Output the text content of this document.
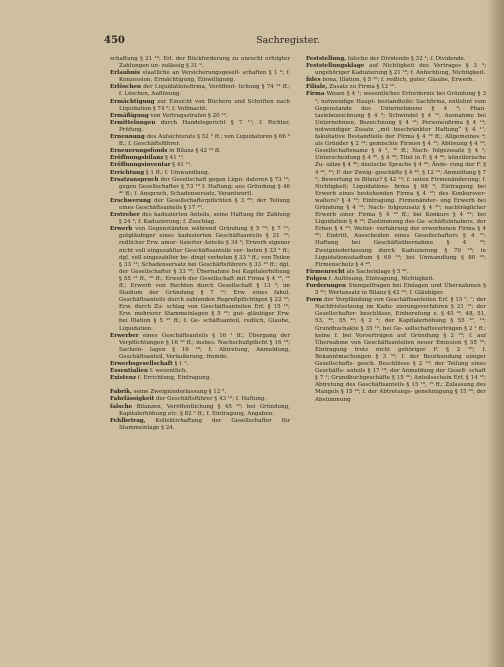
450	Sachregister.

schaftung § 21 ¹⁶; Erl. der Rückforderung zu unrecht erfolgter Zahlungen un- zulässig § 31 ⁹.

Erlaubnis staatliche an Versicherungsgesell- schaften § 1 ⁹; f. Konzession, Ermächtigung, Einwilligung.

Erlöschen der Liquidationsfirma, Veröffent- lichung § 74 ¹⁴ ff.; f. Löschen, Auflösung.

Ermächtigung zur Einsicht von Büchern und Schriften nach Liquidation § 74 ⁸; f. Vollmacht.

Ermäßigung von Vertragsstrafen § 20 ¹⁰.

Ermittelungen durch Handelsgericht § 7 ¹⁷; f. Richter, Prüfung.

Ernennung des Aufsichtsrats § 52 ⁵ ff.; von Liquidatoren § 66 ⁶ ff.; f. Geschäftsführer.

Erneuerungsfonds in Bilanz § 42 ¹⁹ ff.

Eröffnungsbilanz § 41 ¹².

Eröffnungsinventar § 41 ¹².

Errichtung § 1 ff.; f. Umwandlung.

Ersatzanspruch der Gesellschaft gegen Liqui- datoren § 73 ¹⁵; gegen Gesellschafter § 73 ¹⁸ f. Haftung; aus Gründung § 46 ³⁰ ff.; f. Anspruch, Schadensersatz, Verantwortl.

Erschwerung der Gesellschafterpflichten § 3 ⁸⁵; der Teilung eines Geschäftsanteils § 17 ¹⁰.

Erstreber des kaduzierten Anteils, seine Haftung für Zahlung § 24 ²; f. Kaduzierung; f. Zuschlag.

Erwerb von Gegenständen während Gründung § 5 ⁵⁰; § 7 ¹²; gutgläubiger eines kaduzierten Geschäftsanteils § 21 ²²; redlicher Erw. amor- tisierter Anteile § 34 ⁵; Erwerb eigener nicht voll eingezahlter Geschäftsanteile ver- boten § 33 ² ff.; dgl. voll eingezahlter be- dingt verboten § 33 ⁵ ff.; von Teilen § 33 ¹¹; Schadensersatz bei Geschäftsführers § 33 ¹⁶ ff.; dgl. der Gesellschafter § 33 ¹⁸; Übernahme bei Kapitalerhöhung § 55 ¹³ ff., ⁵⁶ ff.; Erwerb der Gesellschaft mit Firma § 4 ¹⁸, ²² ff.; Erwerb von Rechten durch Gesellschaft § 13 ⁶; im Stadium der Gründung § 7 ¹²; Erw. eines fakul. Geschäftsanteils durch zahlenden Regreßpflichtigen § 22 ²²; Erw. durch Zu- schlag von Geschäftsanteilen Erf. § 15 ¹⁶; Erw. mehrerer Stammeinlagen § 5 ²²; gut- gläubiger Erw. bei Illation § 5 ²⁵ ff.; f. Ge- schäftsanteil, redlich, Glaube, Liquidation.

Erwerber eines Geschäftsanteils § 16 ¹ ff.; Übergang der Verpflichtungen § 16 ¹⁸ ff.; insbes. Nachschußpflicht § 16 ¹⁸; Sachein- lagen § 16 ¹⁸; f. Abtretung, Anmeldung, Geschäftsanteil, Veräußerung, fremde.

Erwerbsgesellschaft § 1 ².

Essentialien f. wesentlich.

Existenz f. Errichtung, Eintragung.

Fabrik, seine Zweigniederlassung § 12 ⁵.

Fahrlässigkeit der Geschäftsführer § 43 ¹⁰; f. Haftung.

falsche Bilanzen, Veröffentlichung § 45 ¹⁹; bei Gründung, Kapitalerhöhung etc. § 82 ⁵ ff.; f. Eintragung, Angaben.

Fehlbetrag, Kollektivhaftung der Gesellschafter für Stammeinlage § 24.

Feststellung, falsche der Dividende § 32 ¹; f. Dividende.

Feststellungsklage auf Nichtigkeit des Vertrages § 3 ³; ungehöriger Kaduzierung § 21 ¹⁸; f. Anfechtung, Nichtigkeit.

fides bona, Illation, § 5 ²⁵; f. redlich, guter, Glaube, Erwerb.

Filiale, Zusatz zu Firma § 12 ¹⁰.

Firma Wesen § 4 ¹; wesentliches Erfordernis bei Gründung § 3 ²; notwendige Haupt- bestandteile: Sachfirma, entlehnt vom Gegenstande des Unternehmens § 4 ⁴; Phan- tasiebezeichnung § 4 ⁸; Schwindel § 4 ¹⁰, Ausnahme bei Unternehmen, Bezeichnung § 4 ¹³; Personenfirma § 4 ¹⁴; notwendiger Zusatz „mit beschränkter Haftung“ § 4 ¹⁷; fakultative Bestandteile der Firma § 4 ¹⁹ ff.; Allgemeines ⁴; als Gründer § 2 ¹⁴; gemischte Firmen § 4 ¹⁹; Ablösung § 4 ²⁴; Gesellschaftsname § 4 ³, ²⁶ ff.; Nach- folgezusatz § 4 ³; Unterscheidung § 4 ³⁶, § 4 ³⁸; Titel in F. § 4 ⁴⁰; künstlerische Zu- sätze § 4 ⁴⁰; deutsche Sprache § 4 ⁴²; Ände- rung der F. § 4 ⁴², ⁴³; F. der Zweig- geschäfte § 4 ⁴⁴, § 12 ¹⁰; Anmeldung § 7 ²; Bewertung in Bilanz? § 42 ¹⁴; f. unten Firmenänderung; f. Nichtigkeit; Liquidations- firma § 68 ⁸; Eintragung bei Erwerb eines bestehenden Firma § 4 ¹⁸; des Konkursver- walters? § 4 ¹⁸; Eintragung. Firmenänder- ung Erwerb bei Gründung § 4 ¹⁸; Nach- folgezusatz § 4 ²⁰; nachträglicher Erwerb einer Firma § 4 ²⁰ ff.; bei Konkurs § 4 ²⁴; bei Liquidation § 4 ²⁴; Zustimmung des Ge- schäftsinhabers, der Erben § 4 ²⁸; Weiter- verfahrung der erworbenen Firma § 4 ³⁹; Eintritt, Ausscheiden eines Gesellschafters § 4 ³¹; Haftung bei Geschäftsübernahme § 4 ³⁴; Zweigniederlassung durch Kaduzierung § 70 ¹⁸; in Liquidationsstadium § 69 ¹⁰; bei Umwandlung § 80 ²⁰; Firmenschutz § 4 ⁴⁸.

Firmenrecht als Sacheinlage § 5 ⁴⁰.

Folgen f. Auflösung, Eintragung, Nichtigkeit.

Forderungen Stempelfragen bei Einlagen und Übernahmen § 5 ⁵⁰; Wertansatz in Bilanz § 42 ³⁰; f. Gläubiger.

Form der Verpfändung von Geschäftsanteilen Erf. § 15 ⁵, ⁷; der Nachfristsetzung im Kadu- zierungsverfahren § 21 ¹²; der Gesellschafter- beschlüsse, Einberufung x. § 45 ³⁰, 48, 51, 53, ⁴⁹, 55 ⁴⁰; § 2 ⁴; der Kapitalerhöhung § 55 ¹⁸, ¹⁹; Grundbuchakte § 35 ¹³; bei Ge- sellschaftsverträgen § 2 ⁵ ff.; keine f. bei Vorverträgen auf Gründung § 2 ²⁸; f. auf Übernahme von Geschäftsanteilen neuer Emission § 55 ²⁹; Eintragung trotz nicht gehöriger F. § 2 ²⁸; f. Bekanntmachungen § 3 ⁵⁰; f. der Beurkundung einiger Gesellschafts- gesch. Beschlüsse § 2 ¹⁹; der Teilung eines Geschäfts- anteils § 17 ¹⁸; der Anmeldung der Gesell- schaft § 7 ²; Grundbuchgeschäfte § 15 ²⁰; Anteilsschein Erf. § 14 ¹⁸; Abtretung des Geschäftsanteils § 15 ¹⁸, ¹⁹ ff.; Zulassung des Mangels § 15 ²⁸; f. der Abtretungs- genehmigung § 15 ³⁰; der Abstimmung
